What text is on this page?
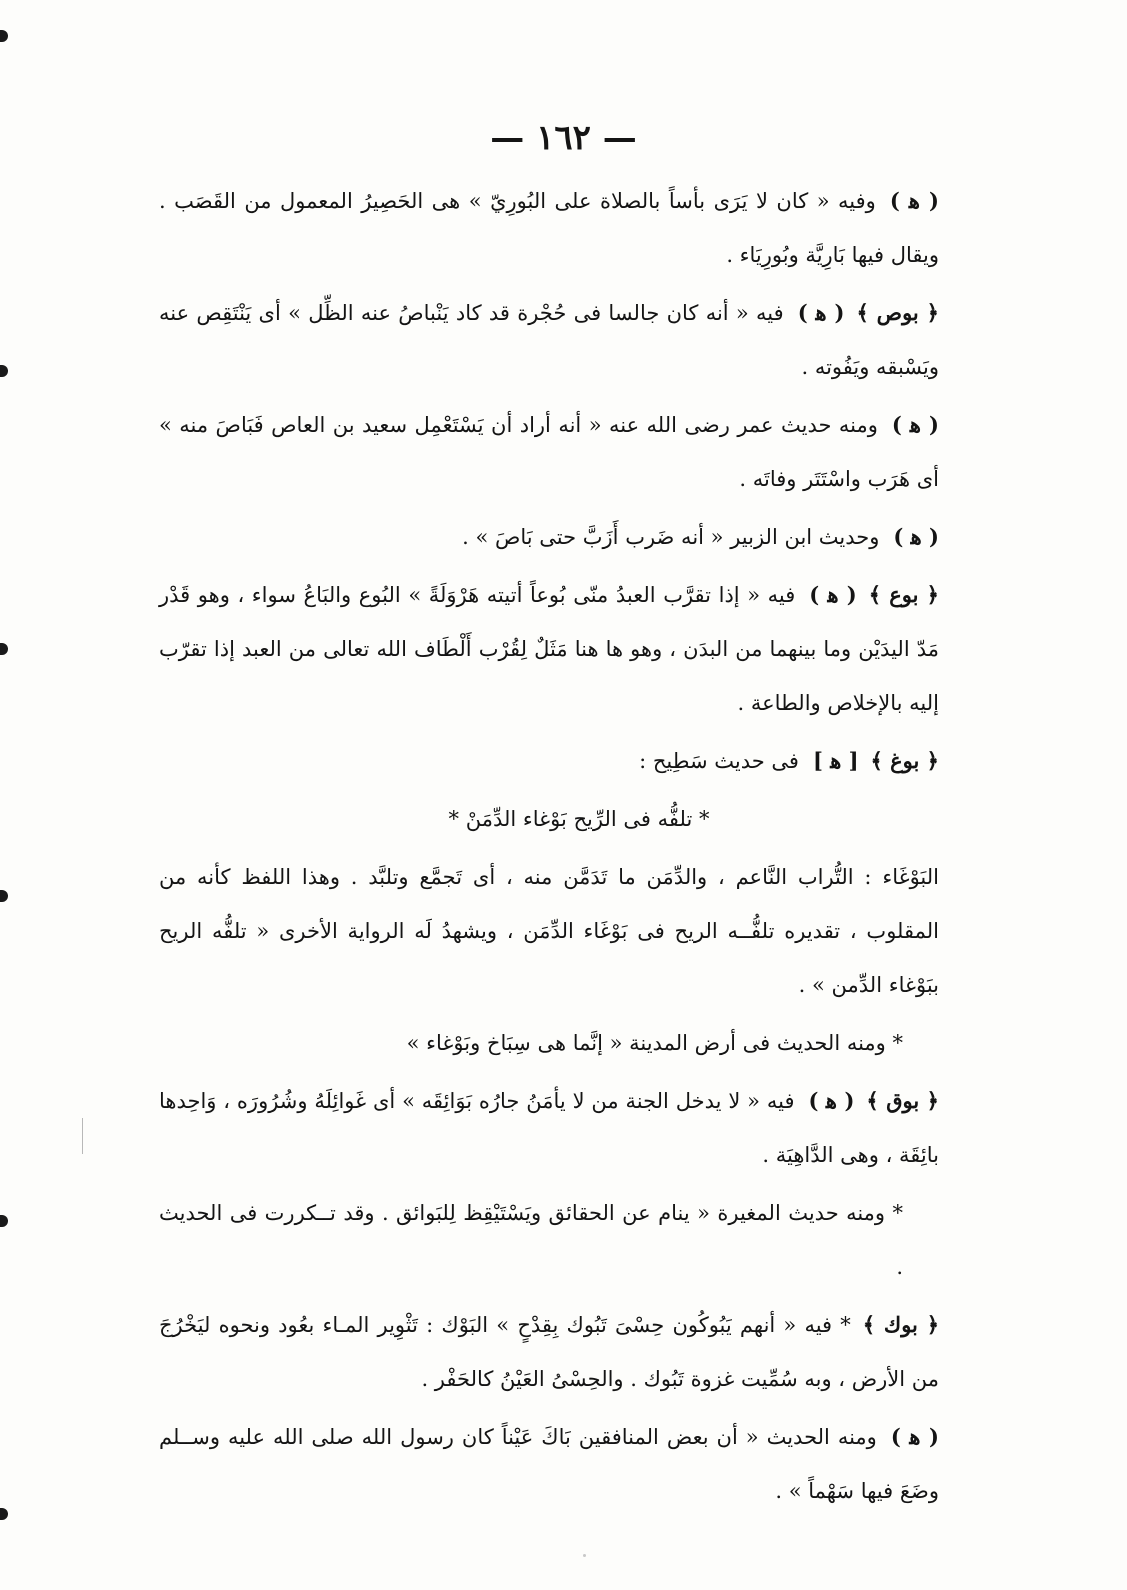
— ١٦٢ —

( ﻫ )وفيه « كان لا يَرَى بأساً بالصلاة على البُورِيّ » هى الحَصِيرُ المعمول من القَصَب . ويقال فيها بَارِيَّة وبُورِيَاء .

﴿ بوص ﴾( ﻫ )فيه « أنه كان جالسا فى حُجْرة قد كاد يَنْباصُ عنه الظِّل » أى يَنْتَقِص عنه ويَسْبقه ويَفُوته .

( ﻫ )ومنه حديث عمر رضى الله عنه « أنه أراد أن يَسْتَعْمِل سعيد بن العاص فَبَاصَ منه » أى هَرَب واسْتَتَر وفاتَه .

( ﻫ )وحديث ابن الزبير « أنه ضَرب أَزَبَّ حتى بَاصَ » .

﴿ بوع ﴾( ﻫ )فيه « إذا تقرَّب العبدُ منّى بُوعاً أتيته هَرْوَلَةً » البُوع والبَاعُ سواء ، وهو قَدْر مَدّ اليدَيْن وما بينهما من البدَن ، وهو ها هنا مَثَلٌ لِقُرْب أَلْطَاف الله تعالى من العبد إذا تقرّب إليه بالإخلاص والطاعة .

﴿ بوغ ﴾[ ﻫ ]فى حديث سَطِيح :

* تلفُّه فى الرِّيح بَوْغاء الدِّمَنْ *

البَوْغَاء : التُّراب النَّاعم ، والدِّمَن ما تَدَمَّن منه ، أى تَجمَّع وتلبَّد . وهذا اللفظ كأنه من المقلوب ، تقديره تلفُّــه الريح فى بَوْغَاء الدِّمَن ، ويشهدُ لَه الرواية الأخرى « تلفُّه الريح ببَوْغاء الدِّمن » .

* ومنه الحديث فى أرض المدينة « إنَّما هى سِبَاخ وبَوْغاء »

﴿ بوق ﴾( ﻫ )فيه « لا يدخل الجنة من لا يأمَنُ جارُه بَوَائِقَه » أى غَوائِلَهُ وشُرُورَه ، وَاحِدها بائِقَة ، وهى الدَّاهِيَة .

* ومنه حديث المغيرة « ينام عن الحقائق ويَسْتَيْقِظ لِلبَوائق . وقد تــكررت فى الحديث .

﴿ بوك ﴾* فيه « أنهم يَبُوكُون حِسْىَ تَبُوك بِقِدْحٍ » البَوْك : تَثْوِير المـاء بعُود ونحوه ليَخْرُجَ من الأرض ، وبه سُمِّيت غزوة تَبُوك . والحِسْىُ العَيْنُ كالحَفْر .

( ﻫ )ومنه الحديث « أن بعض المنافقين بَاكَ عَيْناً كان رسول الله صلى الله عليه وســلم وضَعَ فيها سَهْماً » .
